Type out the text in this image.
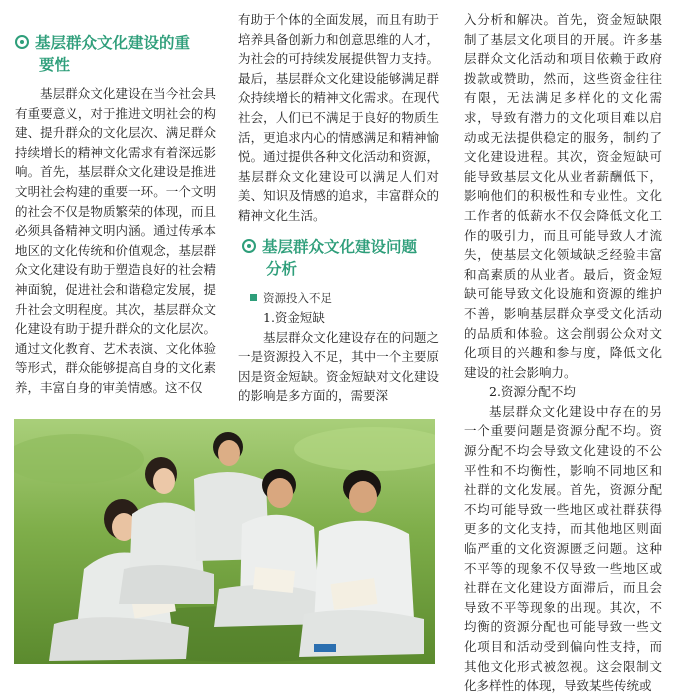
基层群众文化建设的重
要性

基层群众文化建设在当今社会具有重要意义，对于推进文明社会的构建、提升群众的文化层次、满足群众持续增长的精神文化需求有着深远影响。首先，基层群众文化建设是推进文明社会构建的重要一环。一个文明的社会不仅是物质繁荣的体现，而且必须具备精神文明内涵。通过传承本地区的文化传统和价值观念，基层群众文化建设有助于塑造良好的社会精神面貌，促进社会和谐稳定发展，提升社会文明程度。其次，基层群众文化建设有助于提升群众的文化层次。通过文化教育、艺术表演、文化体验等形式，群众能够提高自身的文化素养，丰富自身的审美情感。这不仅

有助于个体的全面发展，而且有助于培养具备创新力和创意思维的人才，为社会的可持续发展提供智力支持。最后，基层群众文化建设能够满足群众持续增长的精神文化需求。在现代社会，人们已不满足于良好的物质生活，更追求内心的情感满足和精神愉悦。通过提供各种文化活动和资源，基层群众文化建设可以满足人们对美、知识及情感的追求，丰富群众的精神文化生活。

基层群众文化建设问题
分析
资源投入不足

1.资金短缺

基层群众文化建设存在的问题之一是资源投入不足，其中一个主要原因是资金短缺。资金短缺对文化建设的影响是多方面的，需要深

入分析和解决。首先，资金短缺限制了基层文化项目的开展。许多基层群众文化活动和项目依赖于政府拨款或赞助，然而，这些资金往往有限，无法满足多样化的文化需求，导致有潜力的文化项目难以启动或无法提供稳定的服务，制约了文化建设进程。其次，资金短缺可能导致基层文化从业者薪酬低下，影响他们的积极性和专业性。文化工作者的低薪水不仅会降低文化工作的吸引力，而且可能导致人才流失，使基层文化领域缺乏经验丰富和高素质的从业者。最后，资金短缺可能导致文化设施和资源的维护不善，影响基层群众享受文化活动的品质和体验。这会削弱公众对文化项目的兴趣和参与度，降低文化建设的社会影响力。

2.资源分配不均

基层群众文化建设中存在的另一个重要问题是资源分配不均。资源分配不均会导致文化建设的不公平性和不均衡性，影响不同地区和社群的文化发展。首先，资源分配不均可能导致一些地区或社群获得更多的文化支持，而其他地区则面临严重的文化资源匮乏问题。这种不平等的现象不仅导致一些地区或社群在文化建设方面滞后，而且会导致不平等现象的出现。其次，不均衡的资源分配也可能导致一些文化项目和活动受到偏向性支持，而其他文化形式被忽视。这会限制文化多样性的体现，导致某些传统或
